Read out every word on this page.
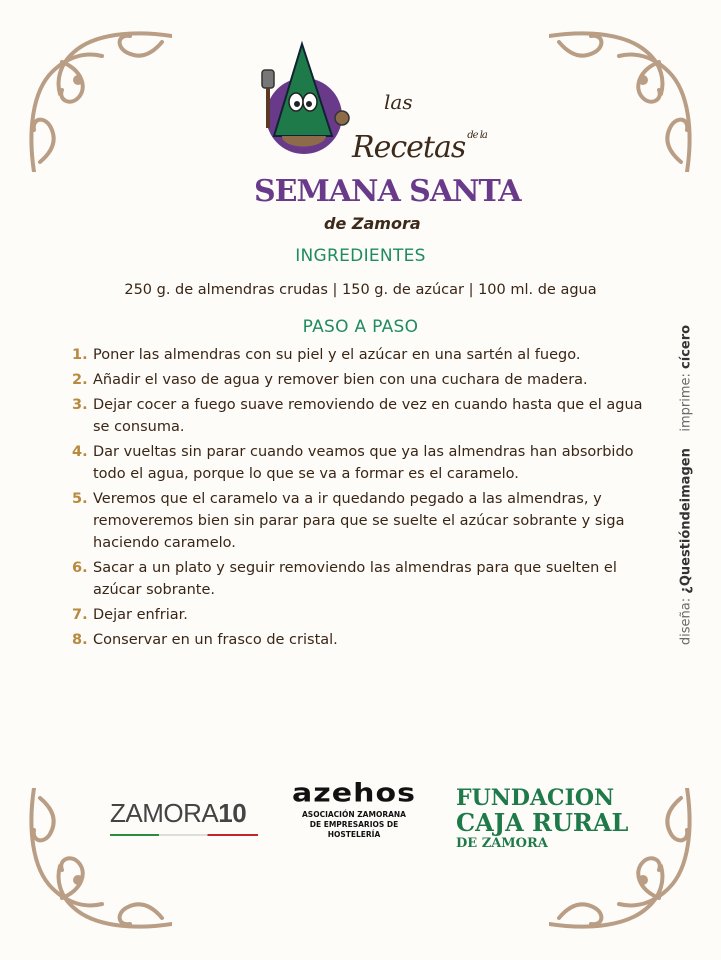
las
Recetas $^{de la}$
SEMANA SANTA
de Zamora
INGREDIENTES
250 g. de almendras crudas | 150 g. de azúcar | 100 ml. de agua
PASO A PASO
1. Poner las almendras con su piel y el azúcar en una sartén al fuego.
2. Añadir el vaso de agua y remover bien con una cuchara de madera.
3. Dejar cocer a fuego suave removiendo de vez en cuando hasta que el agua se consuma.
4. Dar vueltas sin parar cuando veamos que ya las almendras han absorbido todo el agua, porque lo que se va a formar es el caramelo.
5. Veremos que el caramelo va a ir quedando pegado a las almendras, y removeremos bien sin parar para que se suelte el azúcar sobrante y siga haciendo caramelo.
6. Sacar a un plato y seguir removiendo las almendras para que suelten el azúcar sobrante.
7. Dejar enfriar.
8. Conservar en un frasco de cristal.	diseña: ¿Questióndeimagen    imprime: cícero
ZAMORA10
azehos
ASOCIACIÓN ZAMORANA
DE EMPRESARIOS DE
HOSTELERÍA
FUNDACION
CAJA RURAL
DE ZAMORA
